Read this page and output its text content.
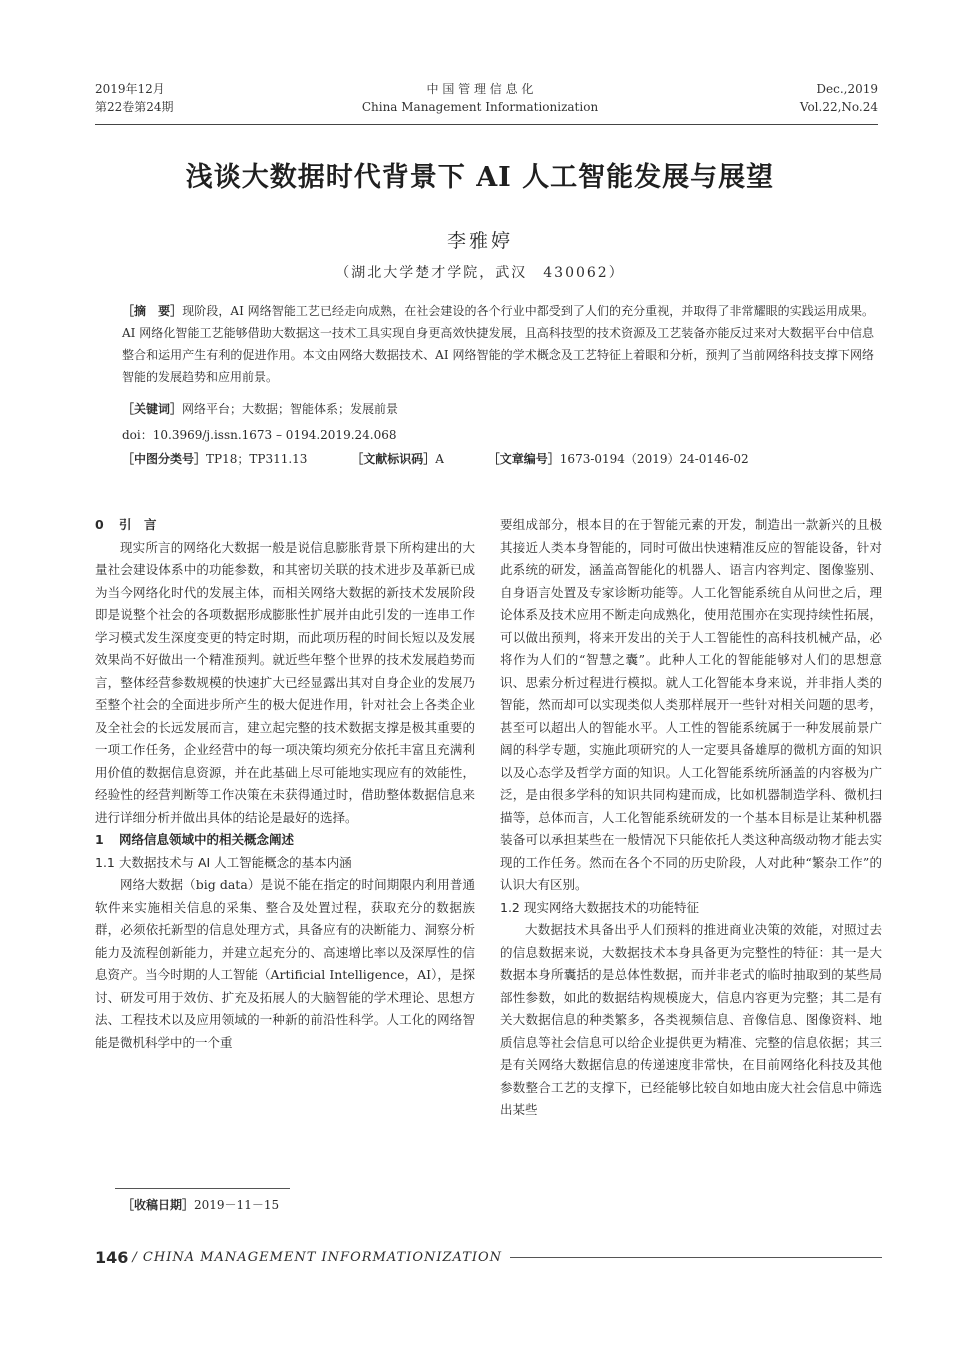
2019年12月
第22卷第24期
中 国 管 理 信 息 化
China Management Informationization
Dec.,2019
Vol.22,No.24
浅谈大数据时代背景下 AI 人工智能发展与展望
李雅婷
（湖北大学楚才学院，武汉　430062）
［摘　要］现阶段，AI 网络智能工艺已经走向成熟，在社会建设的各个行业中都受到了人们的充分重视，并取得了非常耀眼的实践运用成果。AI 网络化智能工艺能够借助大数据这一技术工具实现自身更高效快捷发展，且高科技型的技术资源及工艺装备亦能反过来对大数据平台中信息整合和运用产生有利的促进作用。本文由网络大数据技术、AI 网络智能的学术概念及工艺特征上着眼和分析，预判了当前网络科技支撑下网络智能的发展趋势和应用前景。
［关键词］网络平台；大数据；智能体系；发展前景
doi：10.3969/j.issn.1673 – 0194.2019.24.068
［中图分类号］TP18；TP311.13	［文献标识码］A	［文章编号］1673-0194（2019）24-0146-02
0 引　言

现实所言的网络化大数据一般是说信息膨胀背景下所构建出的大量社会建设体系中的功能参数，和其密切关联的技术进步及革新已成为当今网络化时代的发展主体，而相关网络大数据的新技术发展阶段即是说整个社会的各项数据形成膨胀性扩展并由此引发的一连串工作学习模式发生深度变更的特定时期，而此项历程的时间长短以及发展效果尚不好做出一个精准预判。就近些年整个世界的技术发展趋势而言，整体经营参数规模的快速扩大已经显露出其对自身企业的发展乃至整个社会的全面进步所产生的极大促进作用，针对社会上各类企业及全社会的长远发展而言，建立起完整的技术数据支撑是极其重要的一项工作任务，企业经营中的每一项决策均须充分依托丰富且充满利用价值的数据信息资源，并在此基础上尽可能地实现应有的效能性，经验性的经营判断等工作决策在未获得通过时，借助整体数据信息来进行详细分析并做出具体的结论是最好的选择。

1 网络信息领域中的相关概念阐述
1.1 大数据技术与 AI 人工智能概念的基本内涵

网络大数据（big data）是说不能在指定的时间期限内利用普通软件来实施相关信息的采集、整合及处置过程，获取充分的数据族群，必须依托新型的信息处理方式，具备应有的决断能力、洞察分析能力及流程创新能力，并建立起充分的、高速增比率以及深厚性的信息资产。当今时期的人工智能（Artificial Intelligence，AI），是探讨、研发可用于效仿、扩充及拓展人的大脑智能的学术理论、思想方法、工程技术以及应用领域的一种新的前沿性科学。人工化的网络智能是微机科学中的一个重

要组成部分，根本目的在于智能元素的开发，制造出一款新兴的且极其接近人类本身智能的，同时可做出快速精准反应的智能设备，针对此系统的研发，涵盖高智能化的机器人、语言内容判定、图像鉴别、自身语言处置及专家诊断功能等。人工化智能系统自从问世之后，理论体系及技术应用不断走向成熟化，使用范围亦在实现持续性拓展，可以做出预判，将来开发出的关于人工智能性的高科技机械产品，必将作为人们的“智慧之囊”。此种人工化的智能能够对人们的思想意识、思索分析过程进行模拟。就人工化智能本身来说，并非指人类的智能，然而却可以实现类似人类那样展开一些针对相关问题的思考，甚至可以超出人的智能水平。人工性的智能系统属于一种发展前景广阔的科学专题，实施此项研究的人一定要具备雄厚的微机方面的知识以及心态学及哲学方面的知识。人工化智能系统所涵盖的内容极为广泛，是由很多学科的知识共同构建而成，比如机器制造学科、微机扫描等，总体而言，人工化智能系统研发的一个基本目标是让某种机器装备可以承担某些在一般情况下只能依托人类这种高级动物才能去实现的工作任务。然而在各个不同的历史阶段，人对此种“繁杂工作”的认识大有区别。

1.2 现实网络大数据技术的功能特征

大数据技术具备出乎人们预料的推进商业决策的效能，对照过去的信息数据来说，大数据技术本身具备更为完整性的特征：其一是大数据本身所囊括的是总体性数据，而并非老式的临时抽取到的某些局部性参数，如此的数据结构规模庞大，信息内容更为完整；其二是有关大数据信息的种类繁多，各类视频信息、音像信息、图像资料、地质信息等社会信息可以给企业提供更为精准、完整的信息依据；其三是有关网络大数据信息的传递速度非常快，在目前网络化科技及其他参数整合工艺的支撑下，已经能够比较自如地由庞大社会信息中筛选出某些

［收稿日期］2019－11－15
146 / CHINA MANAGEMENT INFORMATIONIZATION
